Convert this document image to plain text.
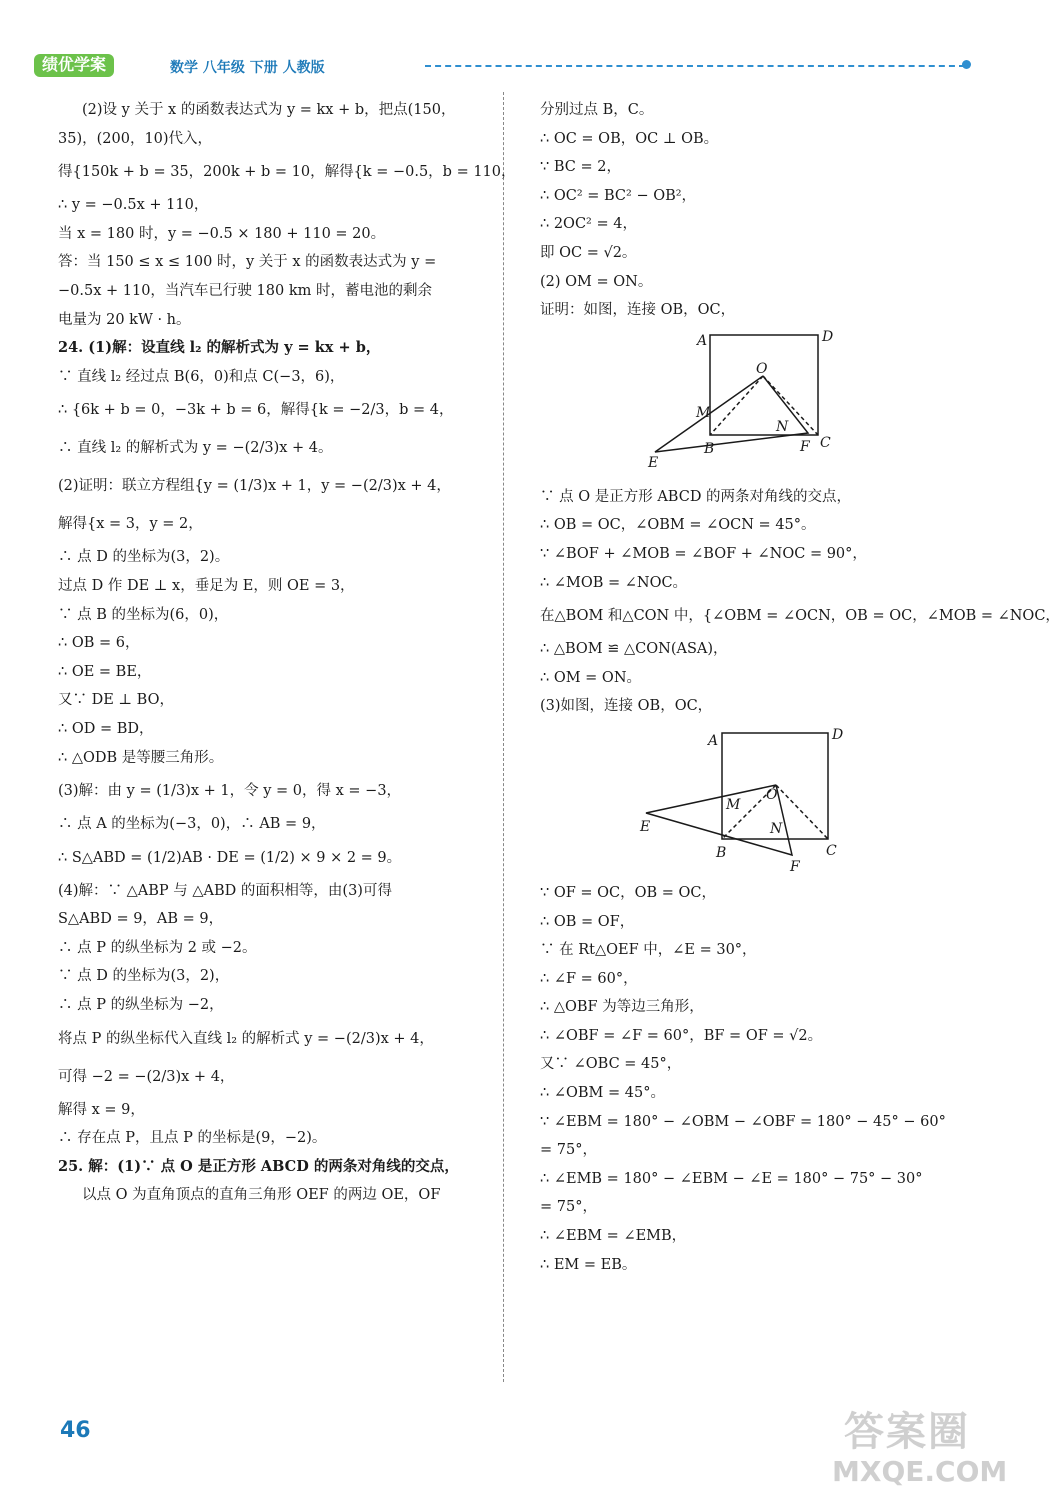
绩优学案	数学 八年级 下册 人教版
(2)设 y 关于 x 的函数表达式为 y = kx + b，把点(150，
35)，(200，10)代入，
得{150k + b = 35，200k + b = 10，解得{k = −0.5，b = 110，
∴ y = −0.5x + 110，
当 x = 180 时，y = −0.5 × 180 + 110 = 20。
答：当 150 ≤ x ≤ 100 时，y 关于 x 的函数表达式为 y =
−0.5x + 110，当汽车已行驶 180 km 时，蓄电池的剩余
电量为 20 kW · h。
24. (1)解：设直线 l₂ 的解析式为 y = kx + b，
∵ 直线 l₂ 经过点 B(6，0)和点 C(−3，6)，
∴ {6k + b = 0，−3k + b = 6，解得{k = −2/3，b = 4，
∴ 直线 l₂ 的解析式为 y = −(2/3)x + 4。
(2)证明：联立方程组{y = (1/3)x + 1，y = −(2/3)x + 4，
解得{x = 3，y = 2，
∴ 点 D 的坐标为(3，2)。
过点 D 作 DE ⊥ x，垂足为 E，则 OE = 3，
∵ 点 B 的坐标为(6，0)，
∴ OB = 6，
∴ OE = BE，
又∵ DE ⊥ BO，
∴ OD = BD，
∴ △ODB 是等腰三角形。
(3)解：由 y = (1/3)x + 1，令 y = 0，得 x = −3，
∴ 点 A 的坐标为(−3，0)，∴ AB = 9，
∴ S△ABD = (1/2)AB · DE = (1/2) × 9 × 2 = 9。
(4)解：∵ △ABP 与 △ABD 的面积相等，由(3)可得
S△ABD = 9，AB = 9，
∴ 点 P 的纵坐标为 2 或 −2。
∵ 点 D 的坐标为(3，2)，
∴ 点 P 的纵坐标为 −2，
将点 P 的纵坐标代入直线 l₂ 的解析式 y = −(2/3)x + 4，
可得 −2 = −(2/3)x + 4，
解得 x = 9，
∴ 存在点 P，且点 P 的坐标是(9，−2)。
25. 解：(1)∵ 点 O 是正方形 ABCD 的两条对角线的交点，
以点 O 为直角顶点的直角三角形 OEF 的两边 OE，OF
分别过点 B，C。
∴ OC = OB，OC ⊥ OB。
∵ BC = 2，
∴ OC² = BC² − OB²，
∴ 2OC² = 4，
即 OC = √2。
(2) OM = ON。
证明：如图，连接 OB，OC，
A	D
O
M
N
B	F C
E
∵ 点 O 是正方形 ABCD 的两条对角线的交点，
∴ OB = OC，∠OBM = ∠OCN = 45°。
∵ ∠BOF + ∠MOB = ∠BOF + ∠NOC = 90°，
∴ ∠MOB = ∠NOC。
在△BOM 和△CON 中，{∠OBM = ∠OCN，OB = OC，∠MOB = ∠NOC，
∴ △BOM ≌ △CON(ASA)，
∴ OM = ON。
(3)如图，连接 OB，OC，
A	D
O
M
E	N
B	C
F
∵ OF = OC，OB = OC，
∴ OB = OF，
∵ 在 Rt△OEF 中，∠E = 30°，
∴ ∠F = 60°，
∴ △OBF 为等边三角形，
∴ ∠OBF = ∠F = 60°，BF = OF = √2。
又∵ ∠OBC = 45°，
∴ ∠OBM = 45°。
∵ ∠EBM = 180° − ∠OBM − ∠OBF = 180° − 45° − 60°
= 75°，
∴ ∠EMB = 180° − ∠EBM − ∠E = 180° − 75° − 30°
= 75°，
∴ ∠EBM = ∠EMB，
∴ EM = EB。
46	答案圈
MXQE.COM
